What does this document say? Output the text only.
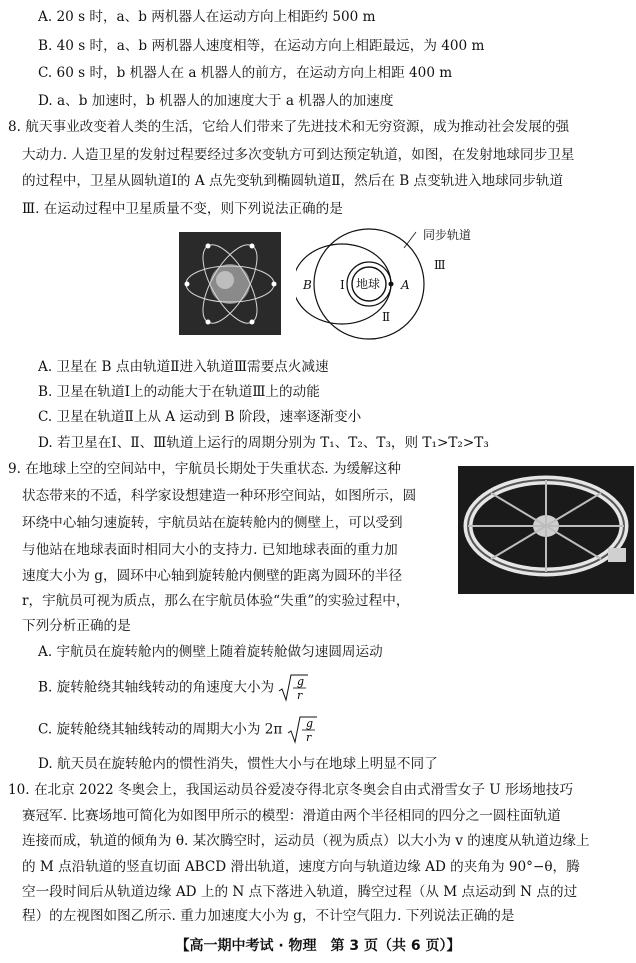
A. 20 s 时，a、b 两机器人在运动方向上相距约 500 m
B. 40 s 时，a、b 两机器人速度相等，在运动方向上相距最远，为 400 m
C. 60 s 时，b 机器人在 a 机器人的前方，在运动方向上相距 400 m
D. a、b 加速时，b 机器人的加速度大于 a 机器人的加速度
8. 航天事业改变着人类的生活，它给人们带来了先进技术和无穷资源，成为推动社会发展的强
大动力. 人造卫星的发射过程要经过多次变轨方可到达预定轨道，如图，在发射地球同步卫星
的过程中，卫星从圆轨道Ⅰ的 A 点先变轨到椭圆轨道Ⅱ，然后在 B 点变轨进入地球同步轨道
Ⅲ. 在运动过程中卫星质量不变，则下列说法正确的是
同步轨道
地球
Ⅰ
Ⅱ
Ⅲ
A
B
A. 卫星在 B 点由轨道Ⅱ进入轨道Ⅲ需要点火减速
B. 卫星在轨道Ⅰ上的动能大于在轨道Ⅲ上的动能
C. 卫星在轨道Ⅱ上从 A 运动到 B 阶段，速率逐渐变小
D. 若卫星在Ⅰ、Ⅱ、Ⅲ轨道上运行的周期分别为 T₁、T₂、T₃，则 T₁>T₂>T₃
9. 在地球上空的空间站中，宇航员长期处于失重状态. 为缓解这种
状态带来的不适，科学家设想建造一种环形空间站，如图所示，圆
环绕中心轴匀速旋转，宇航员站在旋转舱内的侧壁上，可以受到
与他站在地球表面时相同大小的支持力. 已知地球表面的重力加
速度大小为 g，圆环中心轴到旋转舱内侧壁的距离为圆环的半径
r，宇航员可视为质点，那么在宇航员体验“失重”的实验过程中，
下列分析正确的是
A. 宇航员在旋转舱内的侧壁上随着旋转舱做匀速圆周运动
B. 旋转舱绕其轴线转动的角速度大小为 g
r
C. 旋转舱绕其轴线转动的周期大小为 2π g
r
D. 航天员在旋转舱内的惯性消失，惯性大小与在地球上明显不同了
10. 在北京 2022 冬奥会上，我国运动员谷爱凌夺得北京冬奥会自由式滑雪女子 U 形场地技巧
赛冠军. 比赛场地可简化为如图甲所示的模型：滑道由两个半径相同的四分之一圆柱面轨道
连接而成，轨道的倾角为 θ. 某次腾空时，运动员（视为质点）以大小为 v 的速度从轨道边缘上
的 M 点沿轨道的竖直切面 ABCD 滑出轨道，速度方向与轨道边缘 AD 的夹角为 90°−θ，腾
空一段时间后从轨道边缘 AD 上的 N 点下落进入轨道，腾空过程（从 M 点运动到 N 点的过
程）的左视图如图乙所示. 重力加速度大小为 g，不计空气阻力. 下列说法正确的是
【高一期中考试 · 物理　第 3 页（共 6 页）】
